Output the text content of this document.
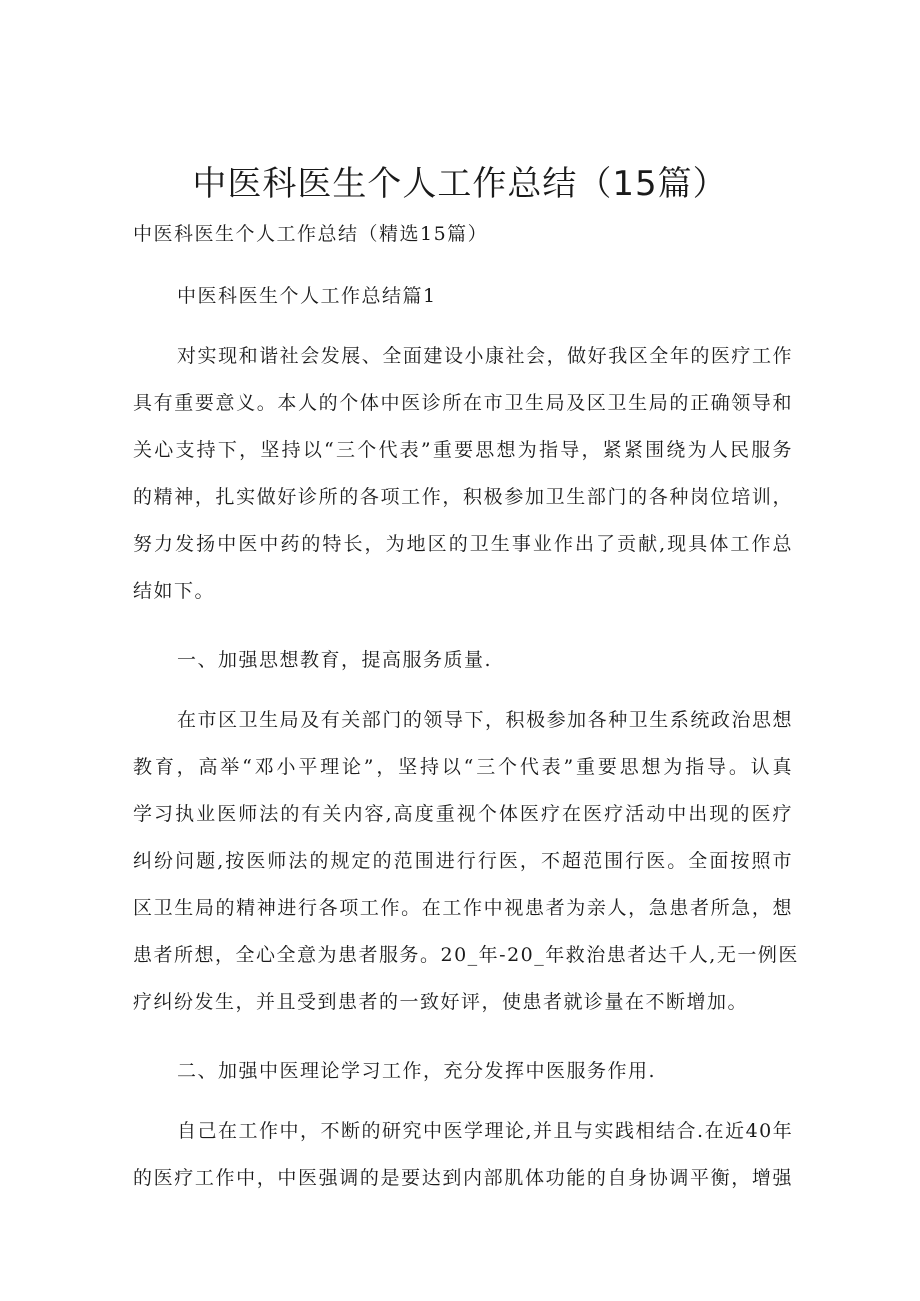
中医科医生个人工作总结（15篇）

中医科医生个人工作总结（精选15篇）

中医科医生个人工作总结篇1

对实现和谐社会发展、全面建设小康社会，做好我区全年的医疗工作
具有重要意义。本人的个体中医诊所在市卫生局及区卫生局的正确领导和
关心支持下，坚持以“三个代表”重要思想为指导，紧紧围绕为人民服务
的精神，扎实做好诊所的各项工作，积极参加卫生部门的各种岗位培训，
努力发扬中医中药的特长，为地区的卫生事业作出了贡献,现具体工作总
结如下。

一、加强思想教育，提高服务质量.

在市区卫生局及有关部门的领导下，积极参加各种卫生系统政治思想
教育，高举“邓小平理论”，坚持以“三个代表”重要思想为指导。认真
学习执业医师法的有关内容,高度重视个体医疗在医疗活动中出现的医疗
纠纷问题,按医师法的规定的范围进行行医，不超范围行医。全面按照市
区卫生局的精神进行各项工作。在工作中视患者为亲人，急患者所急，想
患者所想，全心全意为患者服务。20_年-20_年救治患者达千人,无一例医
疗纠纷发生，并且受到患者的一致好评，使患者就诊量在不断增加。

二、加强中医理论学习工作，充分发挥中医服务作用.

自己在工作中，不断的研究中医学理论,并且与实践相结合.在近40年
的医疗工作中，中医强调的是要达到内部肌体功能的自身协调平衡，增强
